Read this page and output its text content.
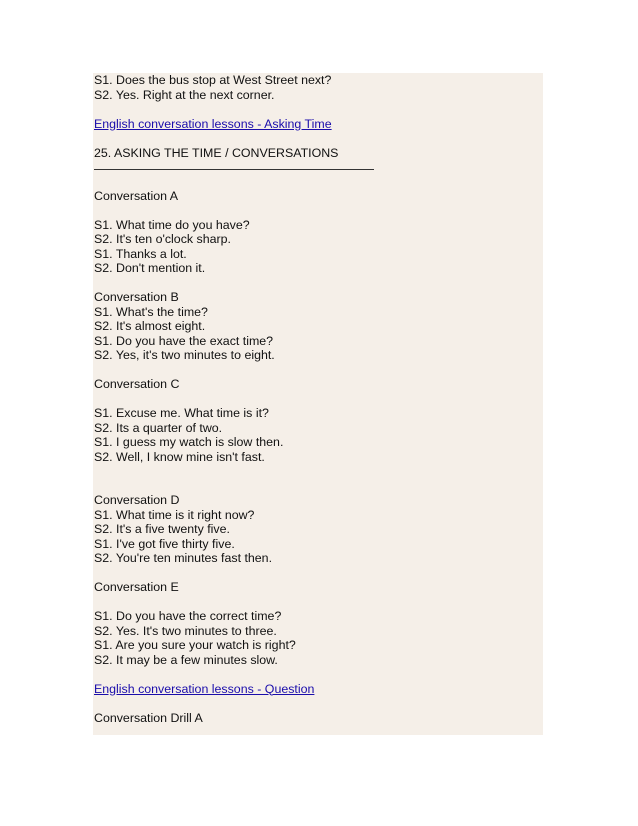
S1. Does the bus stop at West Street next?
S2. Yes. Right at the next corner.
English conversation lessons - Asking Time
25. ASKING THE TIME / CONVERSATIONS
Conversation A
S1. What time do you have?
S2. It's ten o'clock sharp.
S1. Thanks a lot.
S2. Don't mention it.
Conversation B
S1. What's the time?
S2. It's almost eight.
S1. Do you have the exact time?
S2. Yes, it's two minutes to eight.
Conversation C
S1. Excuse me. What time is it?
S2. Its a quarter of two.
S1. I guess my watch is slow then.
S2. Well, I know mine isn't fast.
Conversation D
S1. What time is it right now?
S2. It's a five twenty five.
S1. I've got five thirty five.
S2. You're ten minutes fast then.
Conversation E
S1. Do you have the correct time?
S2. Yes. It's two minutes to three.
S1. Are you sure your watch is right?
S2. It may be a few minutes slow.
English conversation lessons - Question
Conversation Drill A
